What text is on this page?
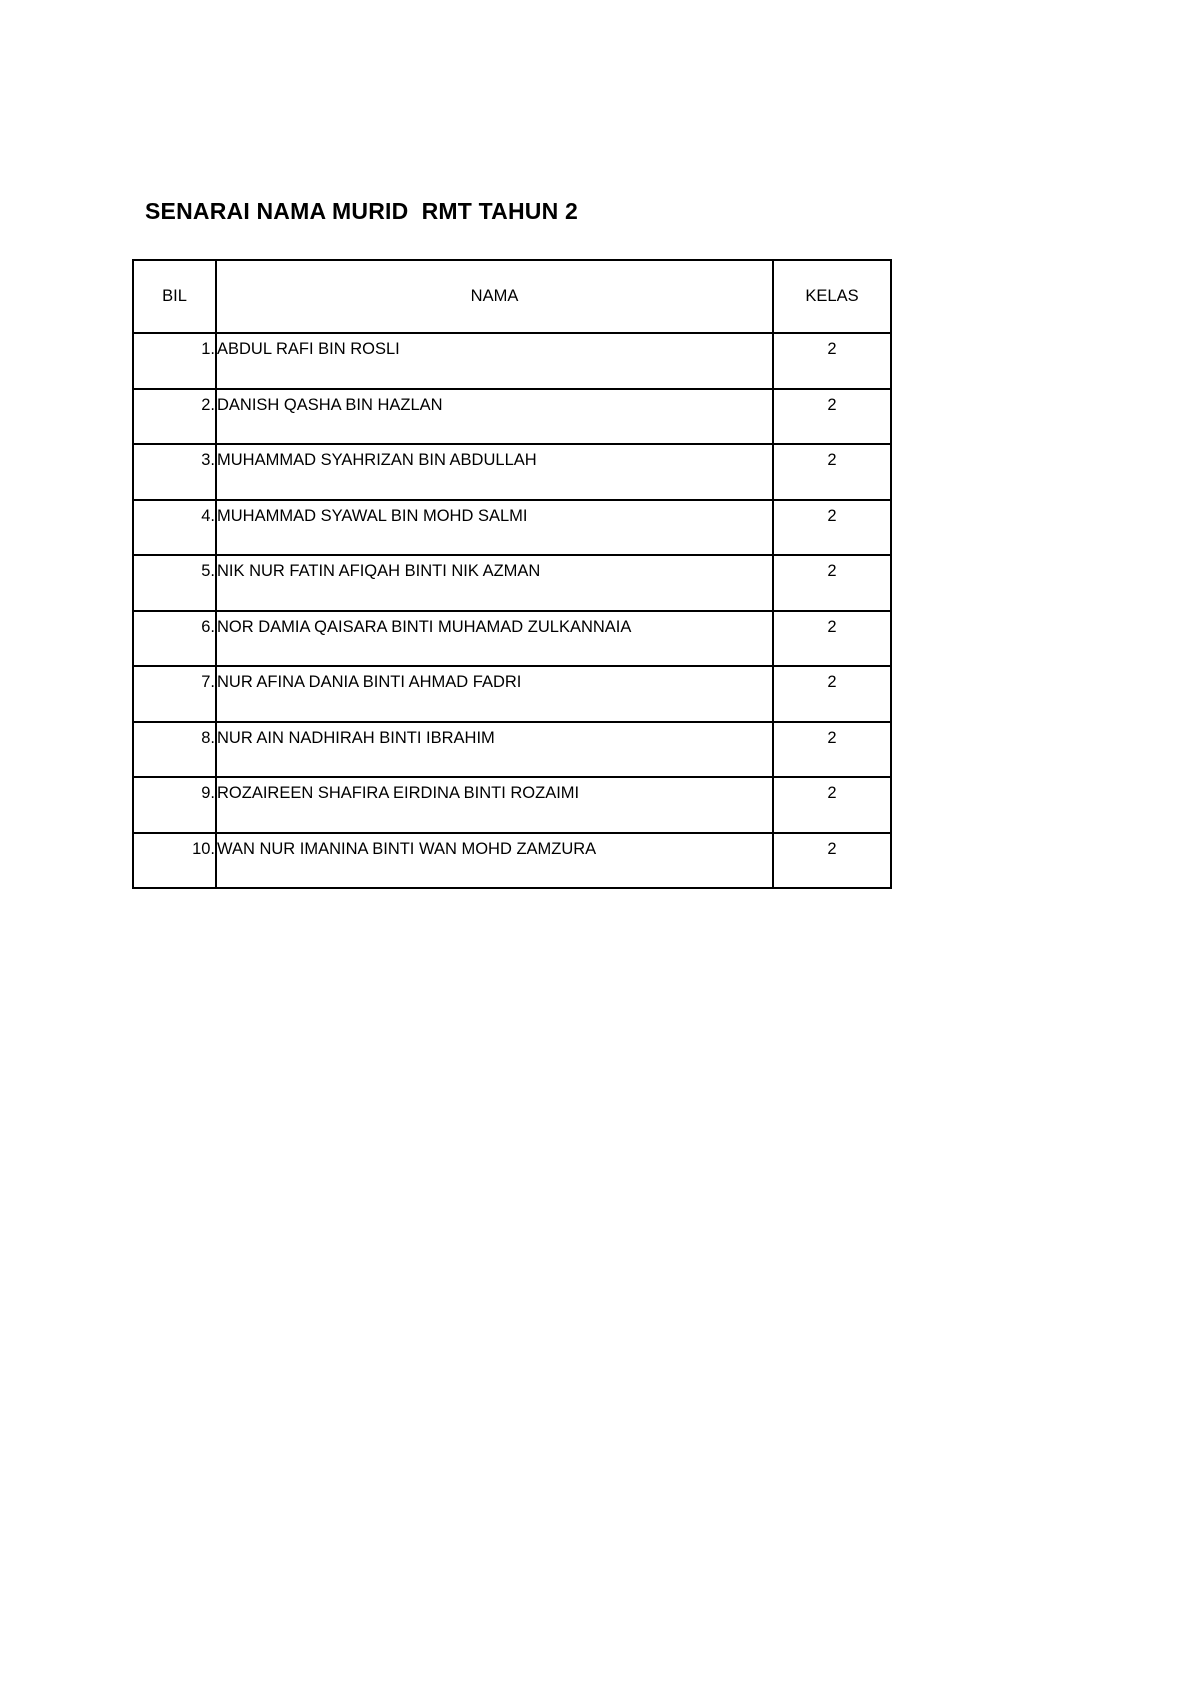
SENARAI NAMA MURID  RMT TAHUN 2
BIL	NAMA	KELAS
1.	ABDUL RAFI BIN ROSLI	2
2.	DANISH QASHA BIN HAZLAN	2
3.	MUHAMMAD SYAHRIZAN BIN ABDULLAH	2
4.	MUHAMMAD SYAWAL BIN MOHD SALMI	2
5.	NIK NUR FATIN AFIQAH BINTI NIK AZMAN	2
6.	NOR DAMIA QAISARA BINTI MUHAMAD ZULKANNAIA	2
7.	NUR AFINA DANIA BINTI AHMAD FADRI	2
8.	NUR AIN NADHIRAH BINTI IBRAHIM	2
9.	ROZAIREEN SHAFIRA EIRDINA BINTI ROZAIMI	2
10.	WAN NUR IMANINA BINTI WAN MOHD ZAMZURA	2
